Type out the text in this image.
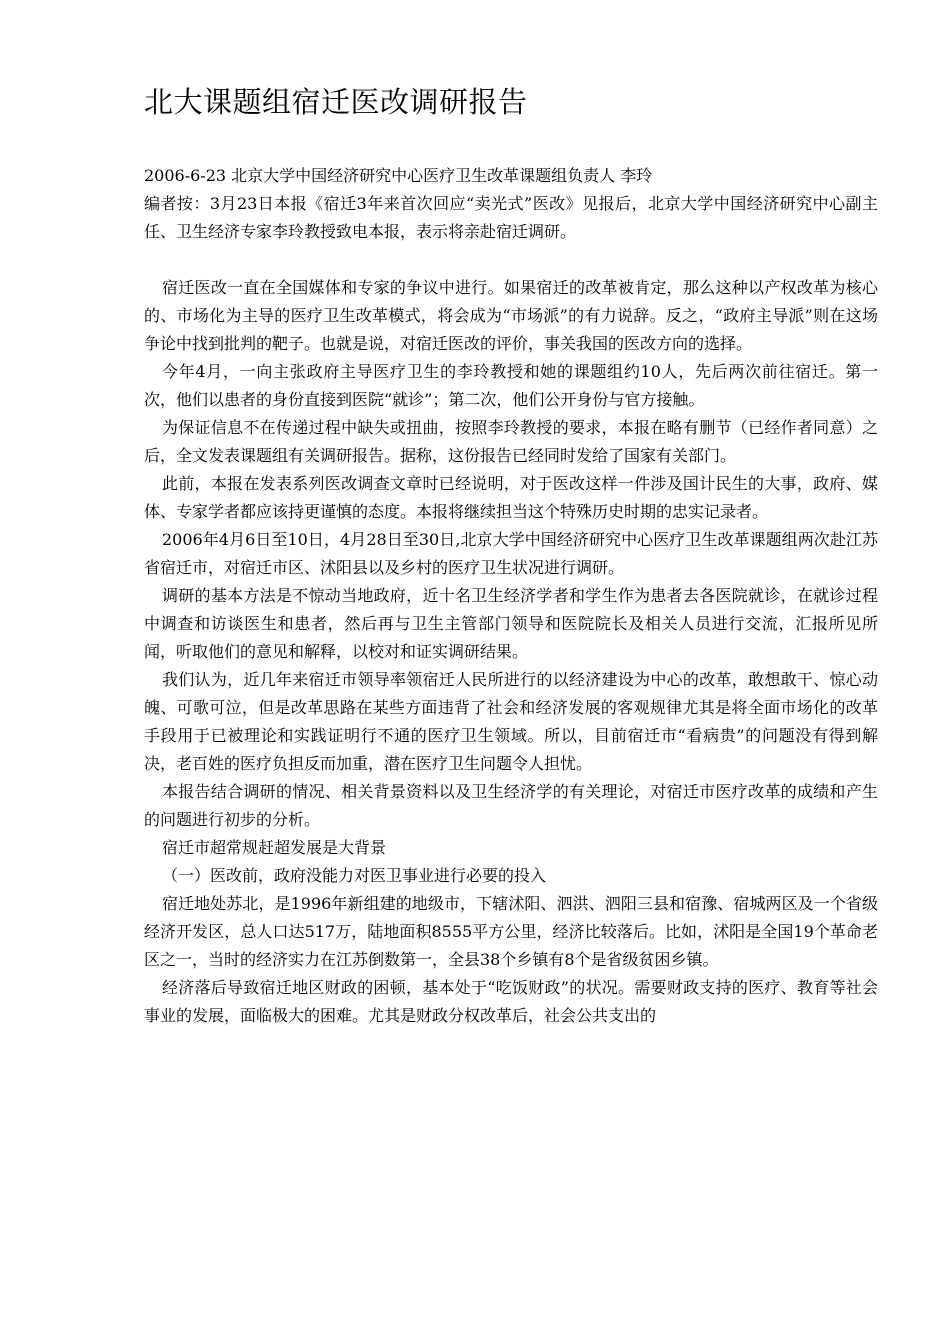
北大课题组宿迁医改调研报告

2006-6-23 北京大学中国经济研究中心医疗卫生改革课题组负责人 李玲

编者按：3月23日本报《宿迁3年来首次回应“卖光式”医改》见报后，北京大学中国经济研究中心副主任、卫生经济专家李玲教授致电本报，表示将亲赴宿迁调研。

宿迁医改一直在全国媒体和专家的争议中进行。如果宿迁的改革被肯定，那么这种以产权改革为核心的、市场化为主导的医疗卫生改革模式，将会成为“市场派”的有力说辞。反之，“政府主导派”则在这场争论中找到批判的靶子。也就是说，对宿迁医改的评价，事关我国的医改方向的选择。

今年4月，一向主张政府主导医疗卫生的李玲教授和她的课题组约10人，先后两次前往宿迁。第一次，他们以患者的身份直接到医院“就诊”；第二次，他们公开身份与官方接触。

为保证信息不在传递过程中缺失或扭曲，按照李玲教授的要求，本报在略有删节（已经作者同意）之后，全文发表课题组有关调研报告。据称，这份报告已经同时发给了国家有关部门。

此前，本报在发表系列医改调查文章时已经说明，对于医改这样一件涉及国计民生的大事，政府、媒体、专家学者都应该持更谨慎的态度。本报将继续担当这个特殊历史时期的忠实记录者。

2006年4月6日至10日，4月28日至30日,北京大学中国经济研究中心医疗卫生改革课题组两次赴江苏省宿迁市，对宿迁市区、沭阳县以及乡村的医疗卫生状况进行调研。

调研的基本方法是不惊动当地政府，近十名卫生经济学者和学生作为患者去各医院就诊，在就诊过程中调查和访谈医生和患者，然后再与卫生主管部门领导和医院院长及相关人员进行交流，汇报所见所闻，听取他们的意见和解释，以校对和证实调研结果。

我们认为，近几年来宿迁市领导率领宿迁人民所进行的以经济建设为中心的改革，敢想敢干、惊心动魄、可歌可泣，但是改革思路在某些方面违背了社会和经济发展的客观规律尤其是将全面市场化的改革手段用于已被理论和实践证明行不通的医疗卫生领域。所以，目前宿迁市“看病贵”的问题没有得到解决，老百姓的医疗负担反而加重，潜在医疗卫生问题令人担忧。

本报告结合调研的情况、相关背景资料以及卫生经济学的有关理论，对宿迁市医疗改革的成绩和产生的问题进行初步的分析。

宿迁市超常规赶超发展是大背景

（一）医改前，政府没能力对医卫事业进行必要的投入

宿迁地处苏北，是1996年新组建的地级市，下辖沭阳、泗洪、泗阳三县和宿豫、宿城两区及一个省级经济开发区，总人口达517万，陆地面积8555平方公里，经济比较落后。比如，沭阳是全国19个革命老区之一，当时的经济实力在江苏倒数第一，全县38个乡镇有8个是省级贫困乡镇。

经济落后导致宿迁地区财政的困顿，基本处于“吃饭财政”的状况。需要财政支持的医疗、教育等社会事业的发展，面临极大的困难。尤其是财政分权改革后，社会公共支出的
